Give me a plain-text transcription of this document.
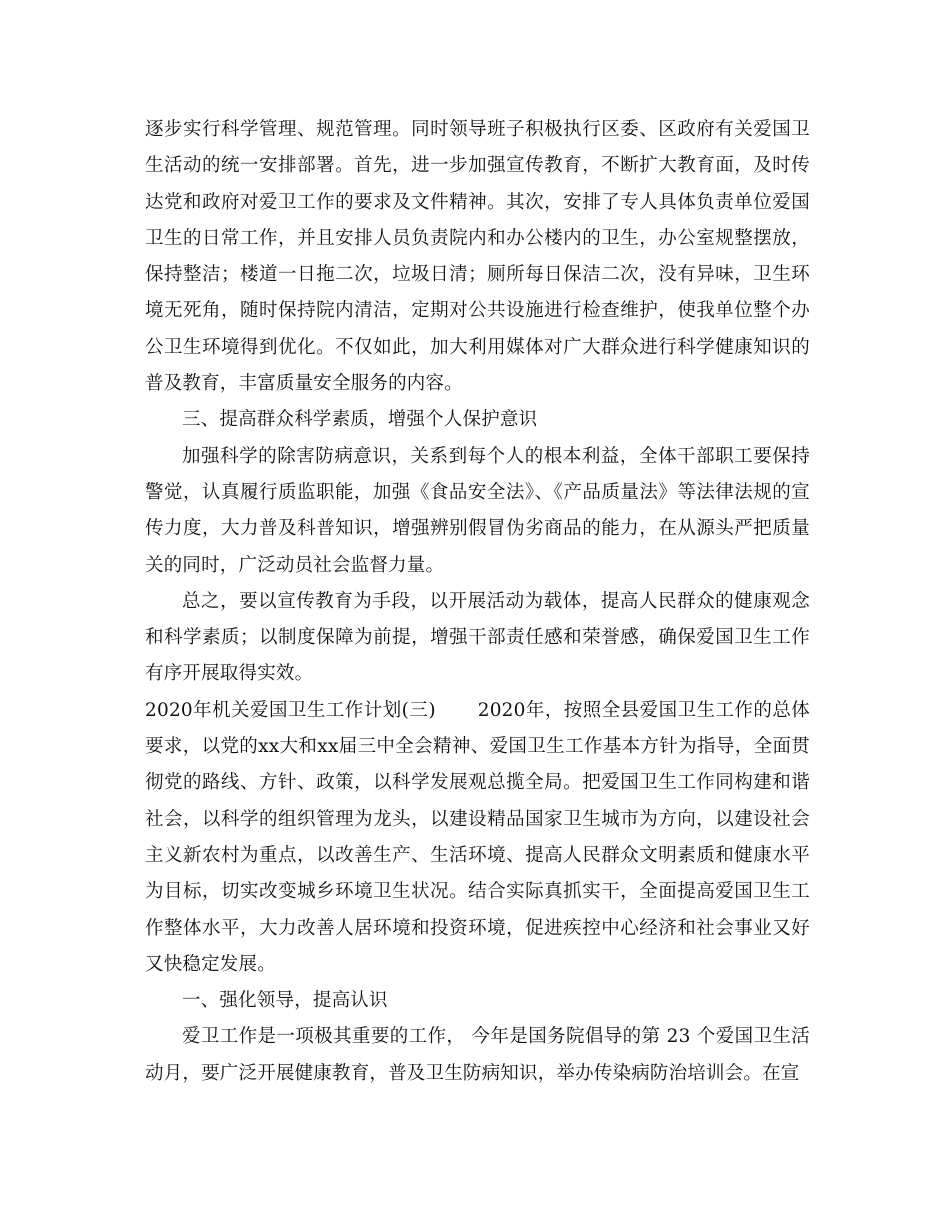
逐步实行科学管理、规范管理。同时领导班子积极执行区委、区政府有关爱国卫生活动的统一安排部署。首先，进一步加强宣传教育，不断扩大教育面，及时传达党和政府对爱卫工作的要求及文件精神。其次，安排了专人具体负责单位爱国卫生的日常工作，并且安排人员负责院内和办公楼内的卫生，办公室规整摆放，保持整洁；楼道一日拖二次，垃圾日清；厕所每日保洁二次，没有异味，卫生环境无死角，随时保持院内清洁，定期对公共设施进行检查维护，使我单位整个办公卫生环境得到优化。不仅如此，加大利用媒体对广大群众进行科学健康知识的普及教育，丰富质量安全服务的内容。

三、提高群众科学素质，增强个人保护意识

加强科学的除害防病意识，关系到每个人的根本利益，全体干部职工要保持警觉，认真履行质监职能，加强《食品安全法》、《产品质量法》等法律法规的宣传力度，大力普及科普知识，增强辨别假冒伪劣商品的能力，在从源头严把质量关的同时，广泛动员社会监督力量。

总之，要以宣传教育为手段，以开展活动为载体，提高人民群众的健康观念和科学素质；以制度保障为前提，增强干部责任感和荣誉感，确保爱国卫生工作有序开展取得实效。

2020年机关爱国卫生工作计划(三) 2020年，按照全县爱国卫生工作的总体要求，以党的xx大和xx届三中全会精神、爱国卫生工作基本方针为指导，全面贯彻党的路线、方针、政策，以科学发展观总揽全局。把爱国卫生工作同构建和谐社会，以科学的组织管理为龙头，以建设精品国家卫生城市为方向，以建设社会主义新农村为重点，以改善生产、生活环境、提高人民群众文明素质和健康水平为目标，切实改变城乡环境卫生状况。结合实际真抓实干，全面提高爱国卫生工作整体水平，大力改善人居环境和投资环境，促进疾控中心经济和社会事业又好又快稳定发展。

一、强化领导，提高认识

爱卫工作是一项极其重要的工作， 今年是国务院倡导的第 23 个爱国卫生活动月，要广泛开展健康教育，普及卫生防病知识，举办传染病防治培训会。在宣
